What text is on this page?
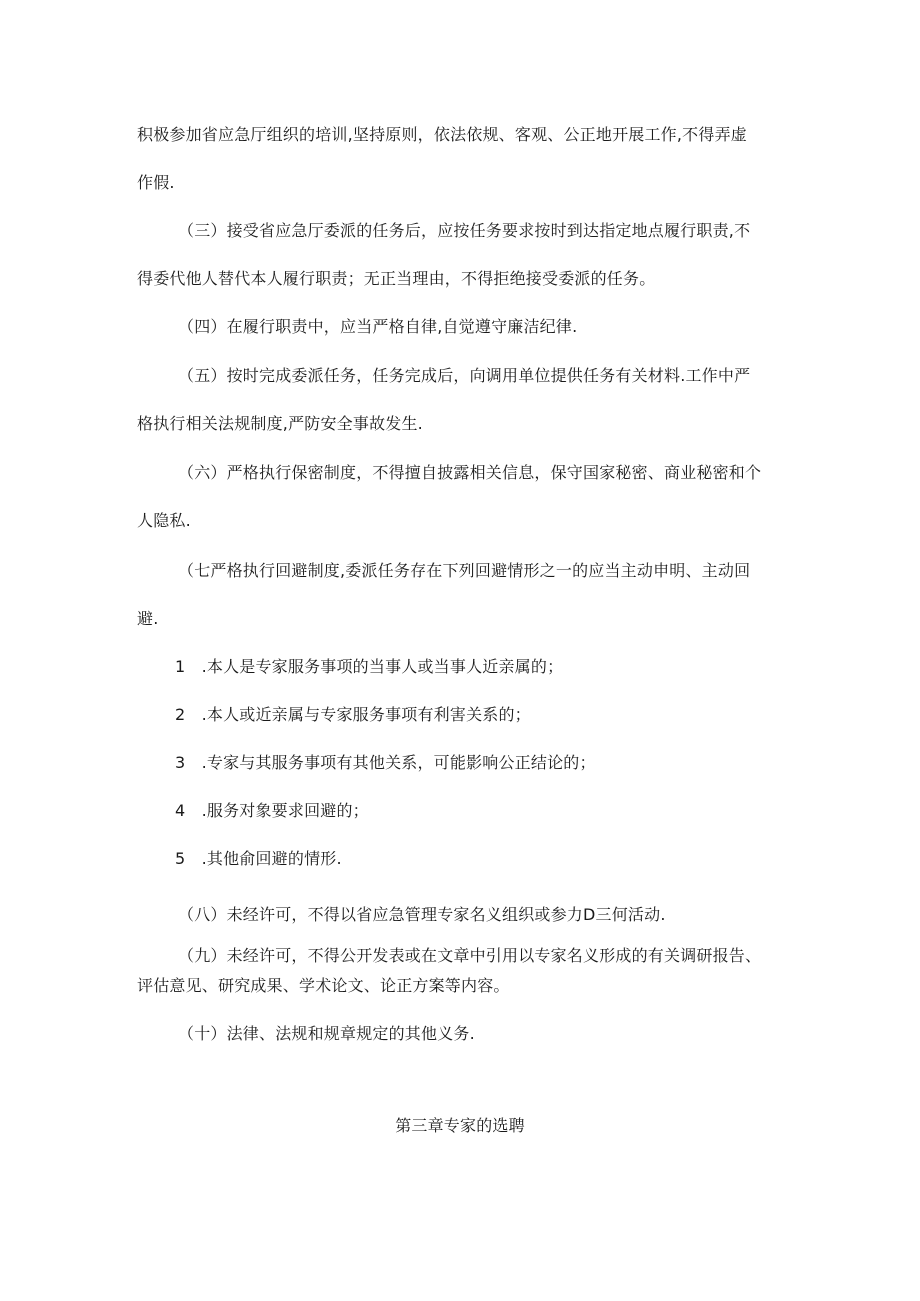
积极参加省应急厅组织的培训,坚持原则，依法依规、客观、公正地开展工作,不得弄虚
作假.
（三）接受省应急厅委派的任务后，应按任务要求按时到达指定地点履行职责,不
得委代他人替代本人履行职责；无正当理由，不得拒绝接受委派的任务。
（四）在履行职责中，应当严格自律,自觉遵守廉洁纪律.
（五）按时完成委派任务，任务完成后，向调用单位提供任务有关材料.工作中严
格执行相关法规制度,严防安全事故发生.
（六）严格执行保密制度，不得擅自披露相关信息，保守国家秘密、商业秘密和个
人隐私.
（七严格执行回避制度,委派任务存在下列回避情形之一的应当主动申明、主动回
避.
1　.本人是专家服务事项的当事人或当事人近亲属的；
2　.本人或近亲属与专家服务事项有利害关系的；
3　.专家与其服务事项有其他关系，可能影响公正结论的；
4　.服务对象要求回避的；
5　.其他俞回避的情形.
（八）未经许可，不得以省应急管理专家名义组织或参力D三何活动.
（九）未经许可，不得公开发表或在文章中引用以专家名义形成的有关调研报告、
评估意见、研究成果、学术论文、论正方案等内容。
（十）法律、法规和规章规定的其他义务.
第三章专家的选聘
